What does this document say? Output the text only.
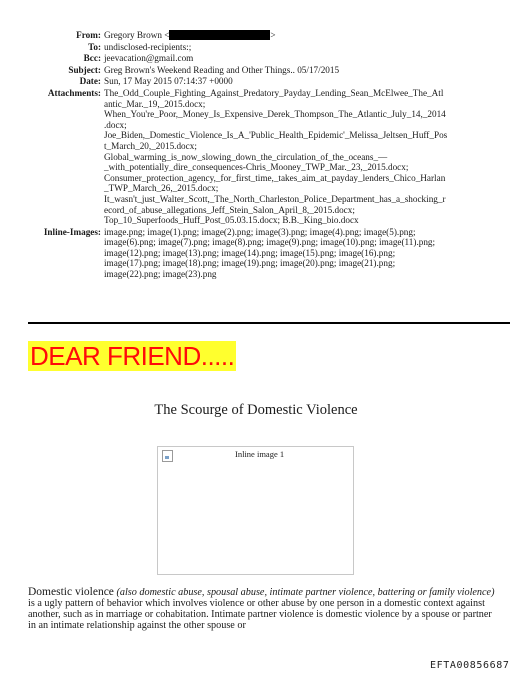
From: Gregory Brown <	>
To: undisclosed-recipients:;
Bcc: jeevacation@gmail.com
Subject: Greg Brown's Weekend Reading and Other Things.. 05/17/2015
Date: Sun, 17 May 2015 07:14:37 +0000
Attachments: The_Odd_Couple_Fighting_Against_Predatory_Payday_Lending_Sean_McElwee_The_Atl
antic_Mar._19,_2015.docx;
When_You're_Poor,_Money_Is_Expensive_Derek_Thompson_The_Atlantic_July_14,_2014
.docx;
Joe_Biden,_Domestic_Violence_Is_A_'Public_Health_Epidemic'_Melissa_Jeltsen_Huff_Pos
t_March_20,_2015.docx;
Global_warming_is_now_slowing_down_the_circulation_of_the_oceans_—
_with_potentially_dire_consequences-Chris_Mooney_TWP_Mar._23,_2015.docx;
Consumer_protection_agency,_for_first_time,_takes_aim_at_payday_lenders_Chico_Harlan
_TWP_March_26,_2015.docx;
It_wasn't_just_Walter_Scott,_The_North_Charleston_Police_Department_has_a_shocking_r
ecord_of_abuse_allegations_Jeff_Stein_Salon_April_8,_2015.docx;
Top_10_Superfoods_Huff_Post_05.03.15.docx; B.B._King_bio.docx
Inline-Images: image.png; image(1).png; image(2).png; image(3).png; image(4).png; image(5).png;
image(6).png; image(7).png; image(8).png; image(9).png; image(10).png; image(11).png;
image(12).png; image(13).png; image(14).png; image(15).png; image(16).png;
image(17).png; image(18).png; image(19).png; image(20).png; image(21).png;
image(22).png; image(23).png
DEAR FRIEND.....
The Scourge of Domestic Violence
Inline image 1
Domestic violence (also domestic abuse, spousal abuse, intimate partner violence, battering or family violence) is a ugly pattern of behavior which involves violence or other abuse by one person in a domestic context against another, such as in marriage or cohabitation. Intimate partner violence is domestic violence by a spouse or partner in an intimate relationship against the other spouse or
EFTA00856687
